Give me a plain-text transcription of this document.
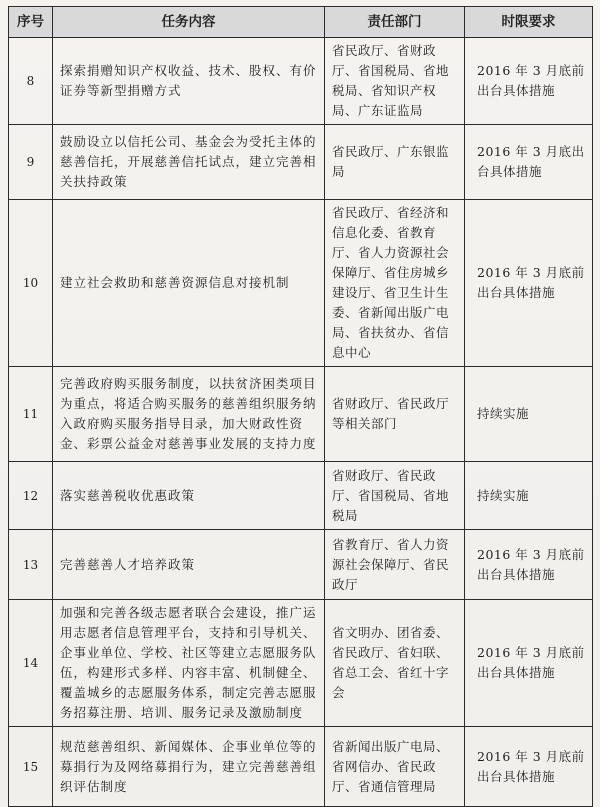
序号	任务内容	责任部门	时限要求
8	探索捐赠知识产权收益、技术、股权、有价证券等新型捐赠方式	省民政厅、省财政厅、省国税局、省地税局、省知识产权局、广东证监局	2016 年 3 月底前出台具体措施
9	鼓励设立以信托公司、基金会为受托主体的慈善信托，开展慈善信托试点，建立完善相关扶持政策	省民政厅、广东银监局	2016 年 3 月底出台具体措施
10	建立社会救助和慈善资源信息对接机制	省民政厅、省经济和信息化委、省教育厅、省人力资源社会保障厅、省住房城乡建设厅、省卫生计生委、省新闻出版广电局、省扶贫办、省信息中心	2016 年 3 月底前出台具体措施
11	完善政府购买服务制度，以扶贫济困类项目为重点，将适合购买服务的慈善组织服务纳入政府购买服务指导目录，加大财政性资金、彩票公益金对慈善事业发展的支持力度	省财政厅、省民政厅等相关部门	持续实施
12	落实慈善税收优惠政策	省财政厅、省民政厅、省国税局、省地税局	持续实施
13	完善慈善人才培养政策	省教育厅、省人力资源社会保障厅、省民政厅	2016 年 3 月底前出台具体措施
14	加强和完善各级志愿者联合会建设，推广运用志愿者信息管理平台，支持和引导机关、企事业单位、学校、社区等建立志愿服务队伍，构建形式多样、内容丰富、机制健全、覆盖城乡的志愿服务体系，制定完善志愿服务招募注册、培训、服务记录及激励制度	省文明办、团省委、省民政厅、省妇联、省总工会、省红十字会	2016 年 3 月底前出台具体措施
15	规范慈善组织、新闻媒体、企事业单位等的募捐行为及网络募捐行为，建立完善慈善组织评估制度	省新闻出版广电局、省网信办、省民政厅、省通信管理局	2016 年 3 月底前出台具体措施
